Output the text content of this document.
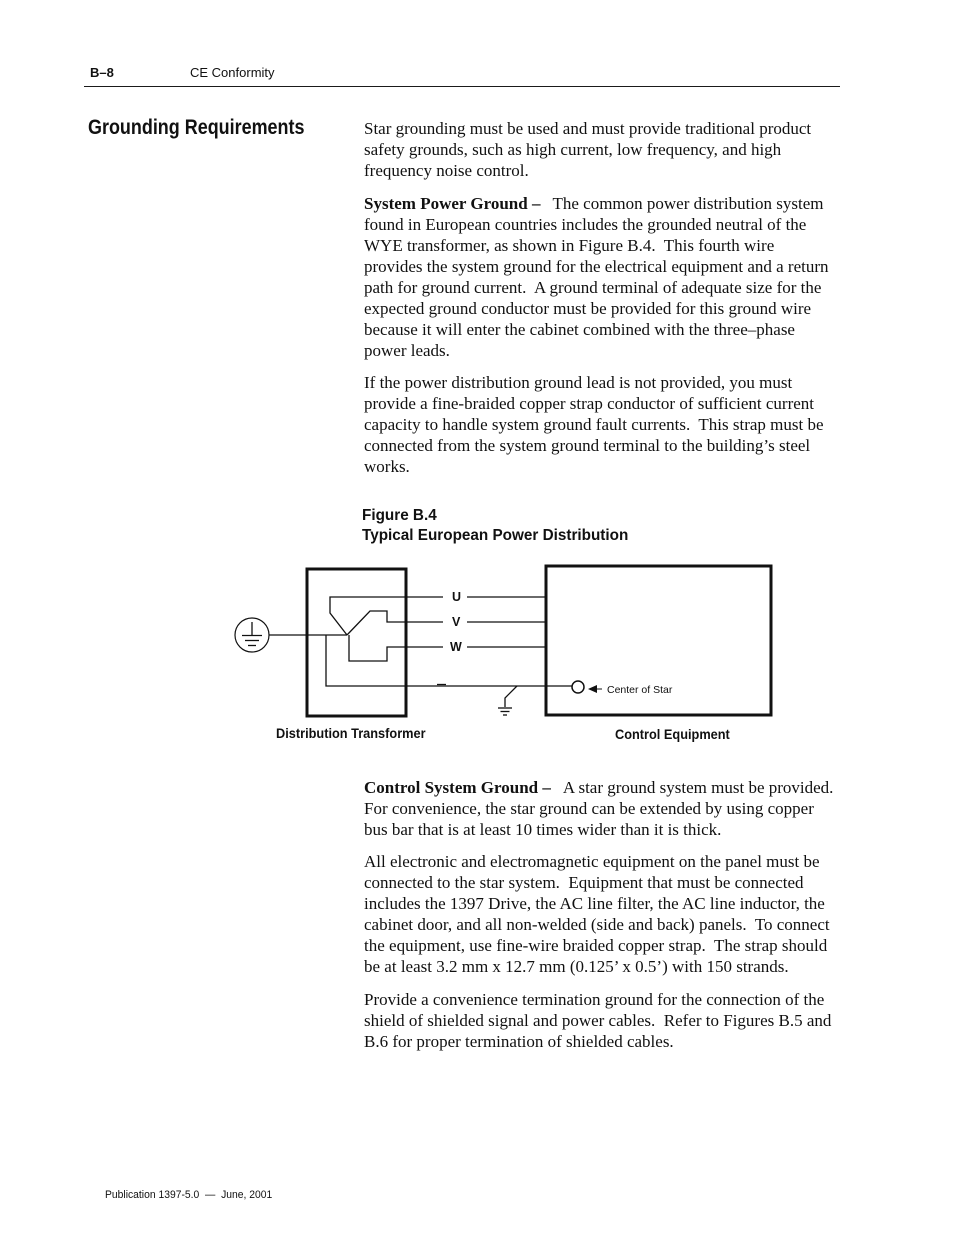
B–8	CE Conformity
Grounding Requirements	Star grounding must be used and must provide traditional product
safety grounds, such as high current, low frequency, and high
frequency noise control.
System Power Ground – The common power distribution system
found in European countries includes the grounded neutral of the
WYE transformer, as shown in Figure B.4.  This fourth wire
provides the system ground for the electrical equipment and a return
path for ground current.  A ground terminal of adequate size for the
expected ground conductor must be provided for this ground wire
because it will enter the cabinet combined with the three–phase
power leads.
If the power distribution ground lead is not provided, you must
provide a fine-braided copper strap conductor of sufficient current
capacity to handle system ground fault currents.  This strap must be
connected from the system ground terminal to the building’s steel
works.
Figure B.4
Typical European Power Distribution
U
V
W
Center of Star
Distribution Transformer	Control Equipment
Control System Ground – A star ground system must be provided.
For convenience, the star ground can be extended by using copper
bus bar that is at least 10 times wider than it is thick.
All electronic and electromagnetic equipment on the panel must be
connected to the star system.  Equipment that must be connected
includes the 1397 Drive, the AC line filter, the AC line inductor, the
cabinet door, and all non-welded (side and back) panels.  To connect
the equipment, use fine-wire braided copper strap.  The strap should
be at least 3.2 mm x 12.7 mm (0.125’ x 0.5’) with 150 strands.
Provide a convenience termination ground for the connection of the
shield of shielded signal and power cables.  Refer to Figures B.5 and
B.6 for proper termination of shielded cables.
Publication 1397-5.0  —  June, 2001
